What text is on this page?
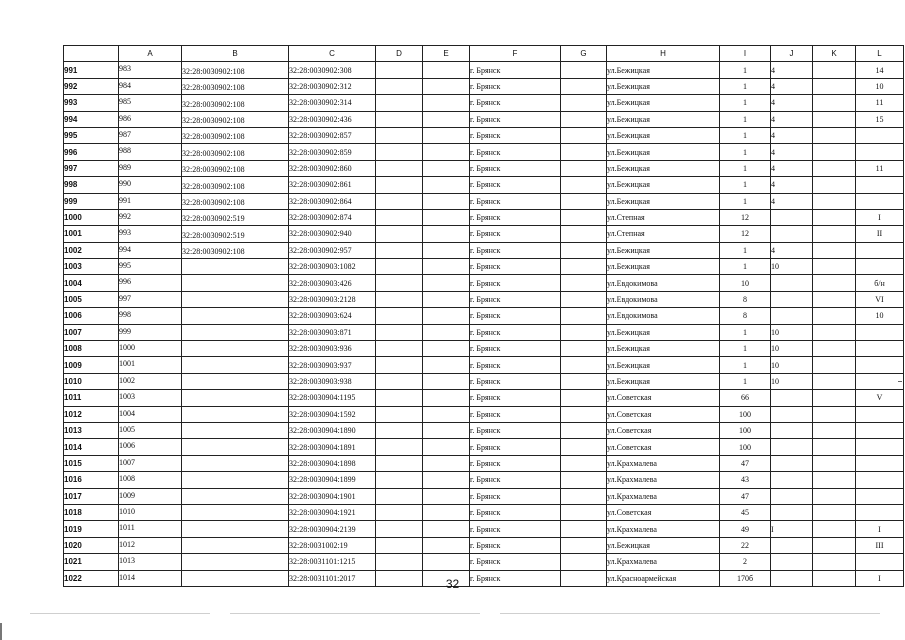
	A	B	C	D	E	F	G	H	I	J	K	L
991	983	32:28:0030902:108	32:28:0030902:308			г. Брянск		ул.Бежицкая	1	4		14
992	984	32:28:0030902:108	32:28:0030902:312			г. Брянск		ул.Бежицкая	1	4		10
993	985	32:28:0030902:108	32:28:0030902:314			г. Брянск		ул.Бежицкая	1	4		11
994	986	32:28:0030902:108	32:28:0030902:436			г. Брянск		ул.Бежицкая	1	4		15
995	987	32:28:0030902:108	32:28:0030902:857			г. Брянск		ул.Бежицкая	1	4		
996	988	32:28:0030902:108	32:28:0030902:859			г. Брянск		ул.Бежицкая	1	4		
997	989	32:28:0030902:108	32:28:0030902:860			г. Брянск		ул.Бежицкая	1	4		11
998	990	32:28:0030902:108	32:28:0030902:861			г. Брянск		ул.Бежицкая	1	4		
999	991	32:28:0030902:108	32:28:0030902:864			г. Брянск		ул.Бежицкая	1	4		
1000	992	32:28:0030902:519	32:28:0030902:874			г. Брянск		ул.Степная	12			I
1001	993	32:28:0030902:519	32:28:0030902:940			г. Брянск		ул.Степная	12			II
1002	994	32:28:0030902:108	32:28:0030902:957			г. Брянск		ул.Бежицкая	1	4		
1003	995		32:28:0030903:1082			г. Брянск		ул.Бежицкая	1	10		
1004	996		32:28:0030903:426			г. Брянск		ул.Евдокимова	10			б/н
1005	997		32:28:0030903:2128			г. Брянск		ул.Евдокимова	8			VI
1006	998		32:28:0030903:624			г. Брянск		ул.Евдокимова	8			10
1007	999		32:28:0030903:871			г. Брянск		ул.Бежицкая	1	10		
1008	1000		32:28:0030903:936			г. Брянск		ул.Бежицкая	1	10		
1009	1001		32:28:0030903:937			г. Брянск		ул.Бежицкая	1	10		
1010	1002		32:28:0030903:938			г. Брянск		ул.Бежицкая	1	10		
1011	1003		32:28:0030904:1195			г. Брянск		ул.Советская	66			V
1012	1004		32:28:0030904:1592			г. Брянск		ул.Советская	100			
1013	1005		32:28:0030904:1890			г. Брянск		ул.Советская	100			
1014	1006		32:28:0030904:1891			г. Брянск		ул.Советская	100			
1015	1007		32:28:0030904:1898			г. Брянск		ул.Крахмалева	47			
1016	1008		32:28:0030904:1899			г. Брянск		ул.Крахмалева	43			
1017	1009		32:28:0030904:1901			г. Брянск		ул.Крахмалева	47			
1018	1010		32:28:0030904:1921			г. Брянск		ул.Советская	45			
1019	1011		32:28:0030904:2139			г. Брянск		ул.Крахмалева	49	I		I
1020	1012		32:28:0031002:19			г. Брянск		ул.Бежицкая	22			III
1021	1013		32:28:0031101:1215			г. Брянск		ул.Крахмалева	2			
1022	1014		32:28:0031101:2017			г. Брянск		ул.Красноармейская	170б			I
32
